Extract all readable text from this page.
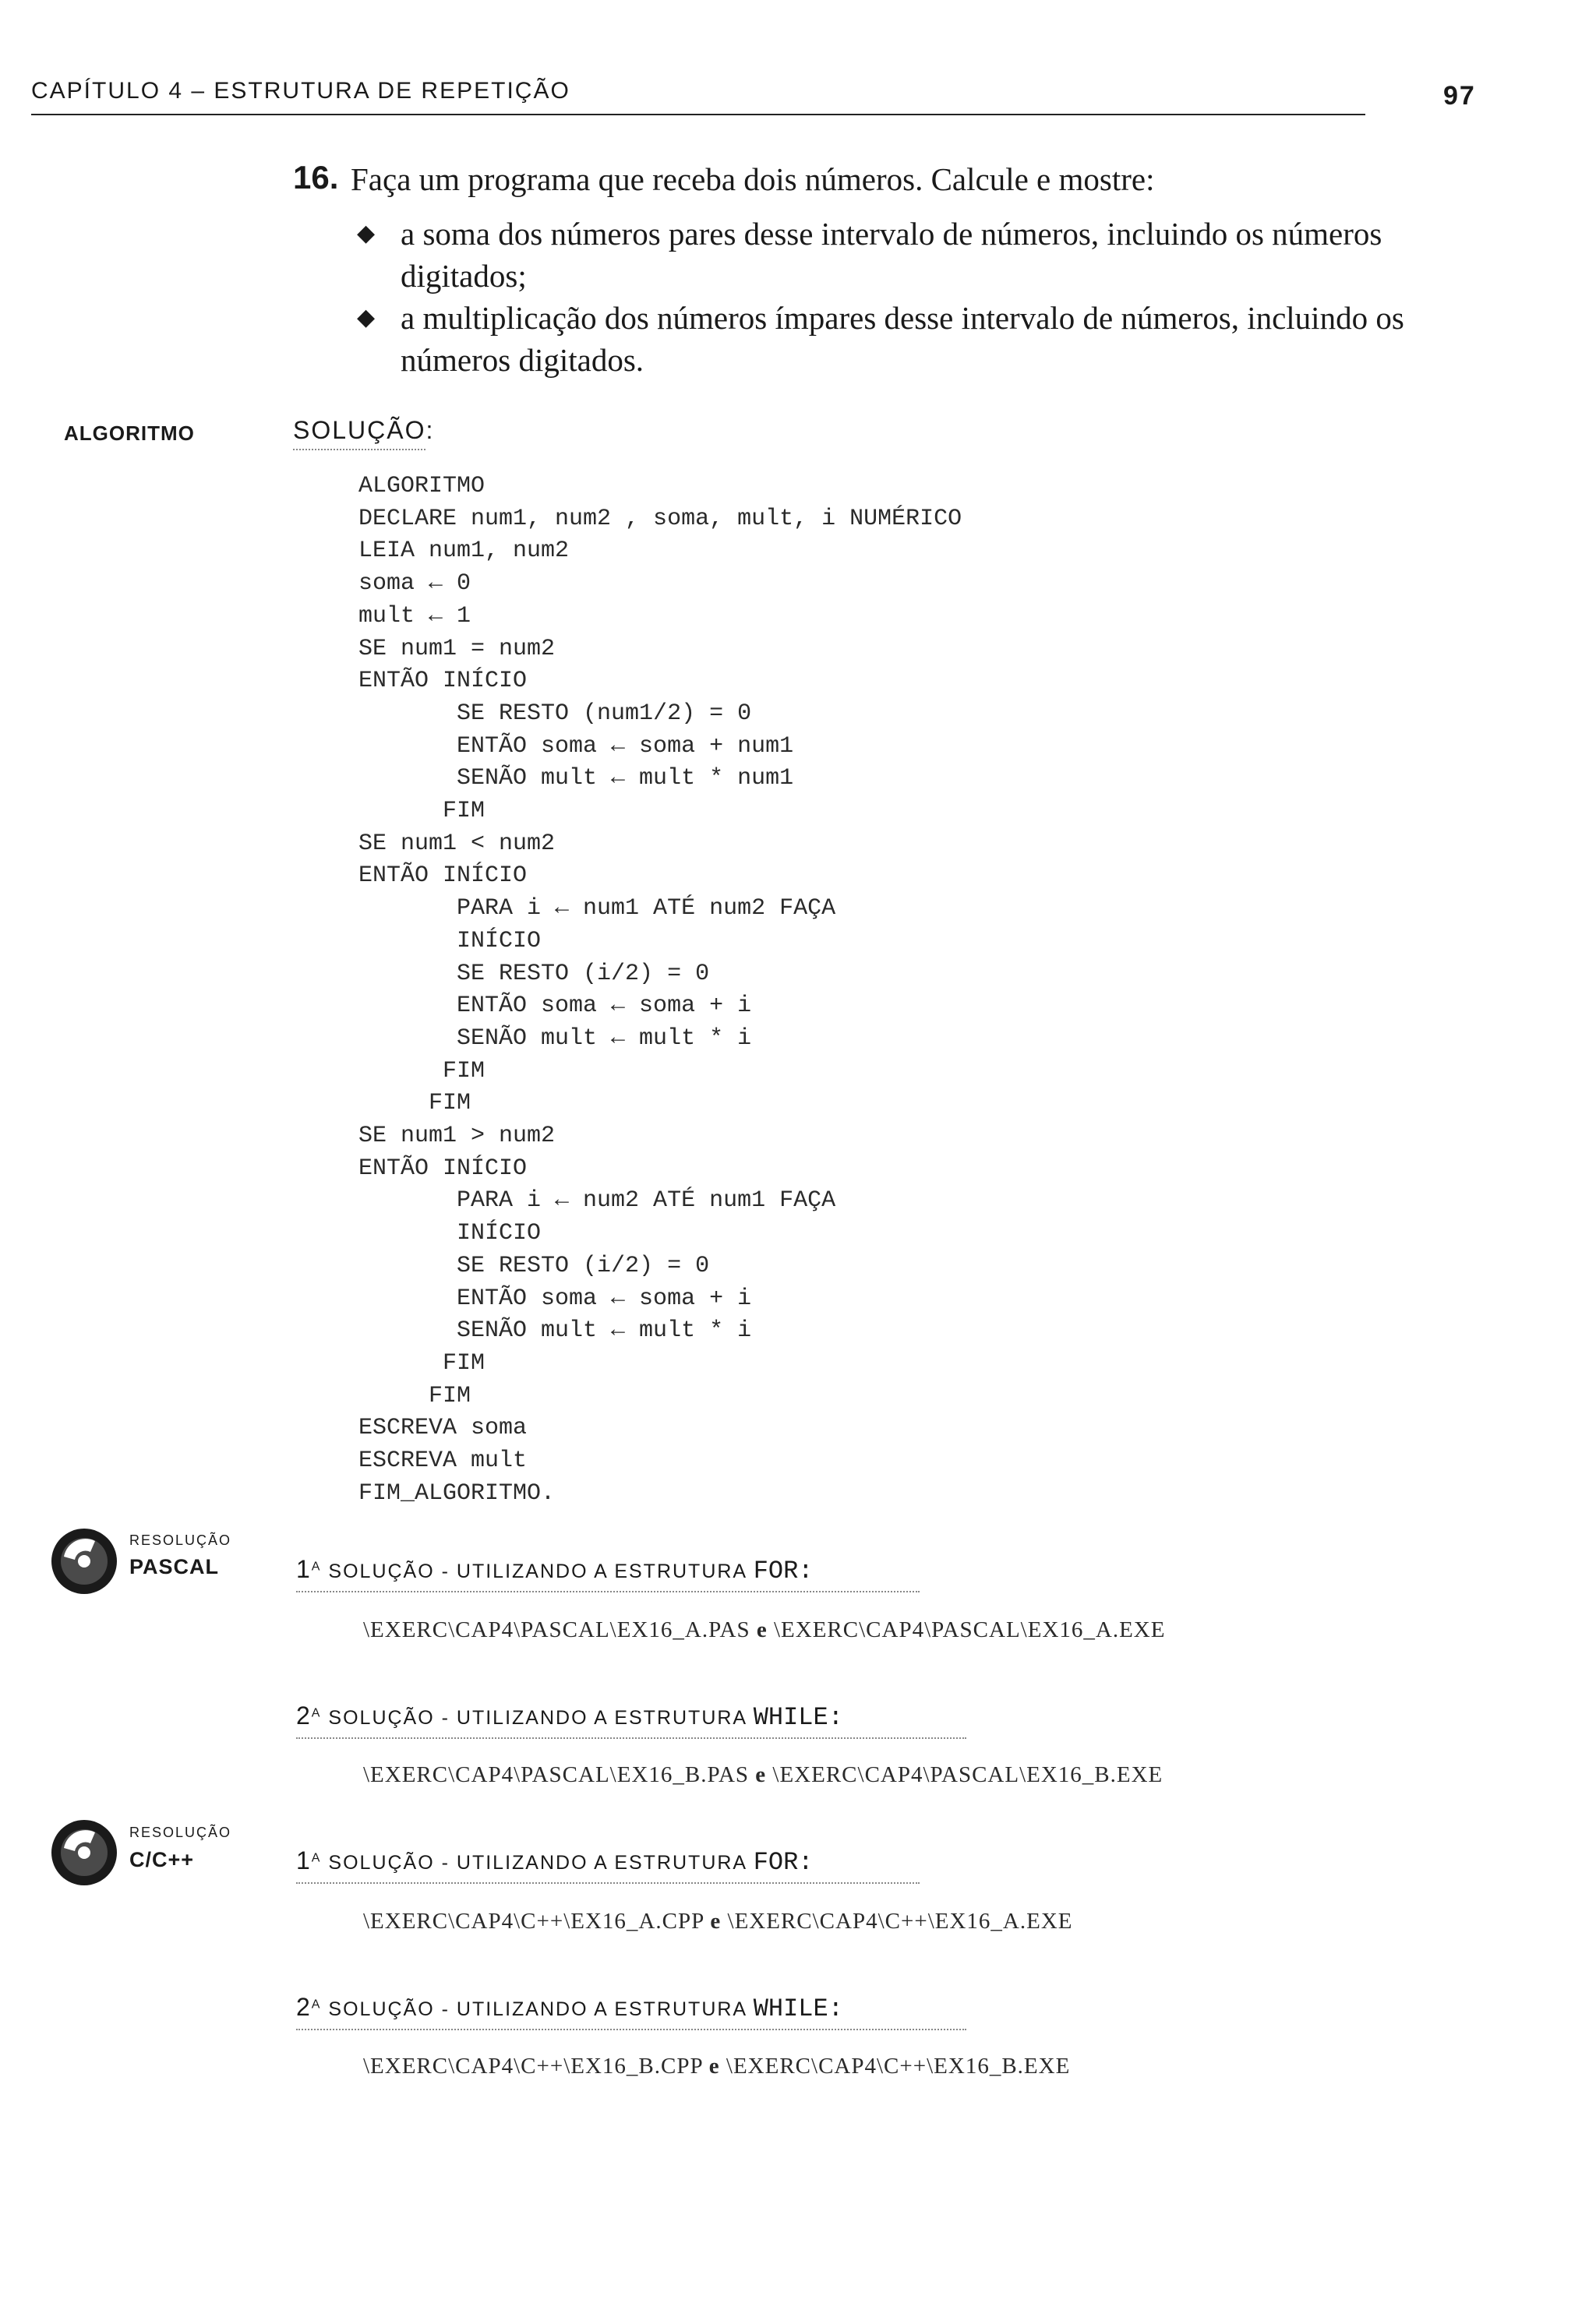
CAPÍTULO 4 – ESTRUTURA DE REPETIÇÃO	97
16. Faça um programa que receba dois números. Calcule e mostre:
◆ a soma dos números pares desse intervalo de números, incluindo os números
digitados;
◆ a multiplicação dos números ímpares desse intervalo de números, incluindo os
números digitados.
ALGORITMO	SOLUÇÃO:
ALGORITMO
DECLARE num1, num2 , soma, mult, i NUMÉRICO
LEIA num1, num2
soma ← 0
mult ← 1
SE num1 = num2
ENTÃO INÍCIO
SE RESTO (num1/2) = 0
ENTÃO soma ← soma + num1
SENÃO mult ← mult * num1
FIM
SE num1 < num2
ENTÃO INÍCIO
PARA i ← num1 ATÉ num2 FAÇA
INÍCIO
SE RESTO (i/2) = 0
ENTÃO soma ← soma + i
SENÃO mult ← mult * i
FIM
FIM
SE num1 > num2
ENTÃO INÍCIO
PARA i ← num2 ATÉ num1 FAÇA
INÍCIO
SE RESTO (i/2) = 0
ENTÃO soma ← soma + i
SENÃO mult ← mult * i
FIM
FIM
ESCREVA soma
ESCREVA mult
FIM_ALGORITMO.
RESOLUÇÃO
PASCAL	$1^A$ SOLUÇÃO - UTILIZANDO A ESTRUTURA FOR:
\EXERC\CAP4\PASCAL\EX16_A.PAS e \EXERC\CAP4\PASCAL\EX16_A.EXE
$2^A$ SOLUÇÃO - UTILIZANDO A ESTRUTURA WHILE:
\EXERC\CAP4\PASCAL\EX16_B.PAS e \EXERC\CAP4\PASCAL\EX16_B.EXE
RESOLUÇÃO
C/C++	$1^A$ SOLUÇÃO - UTILIZANDO A ESTRUTURA FOR:
\EXERC\CAP4\C++\EX16_A.CPP e \EXERC\CAP4\C++\EX16_A.EXE
$2^A$ SOLUÇÃO - UTILIZANDO A ESTRUTURA WHILE:
\EXERC\CAP4\C++\EX16_B.CPP e \EXERC\CAP4\C++\EX16_B.EXE
